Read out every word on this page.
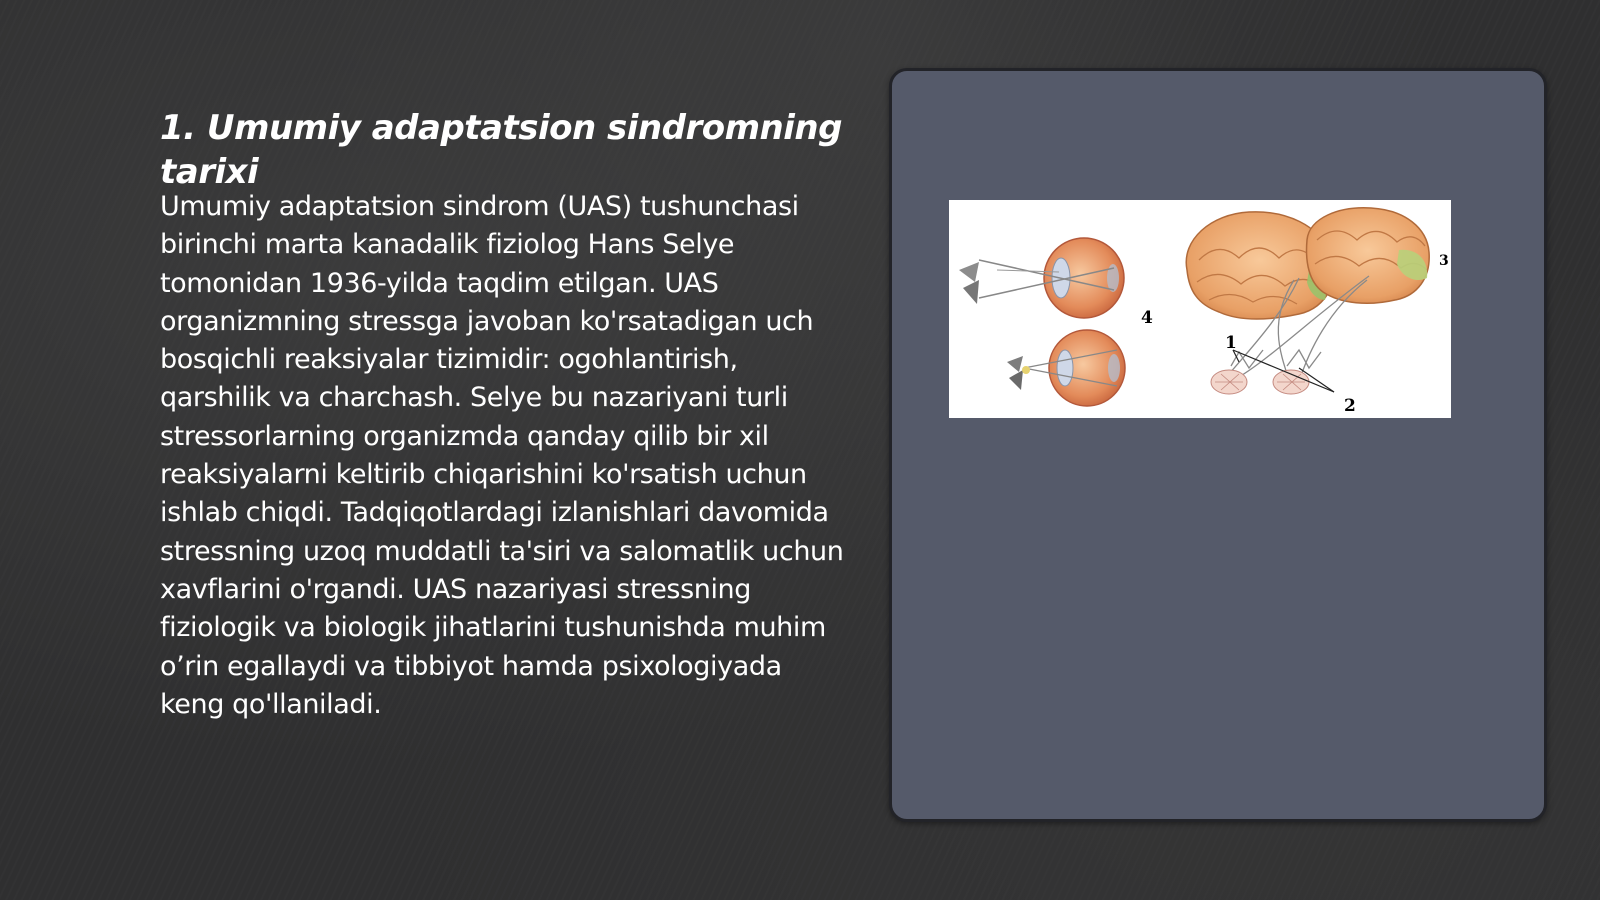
1. Umumiy adaptatsion sindromning tarixi

Umumiy adaptatsion sindrom (UAS) tushunchasi birinchi marta kanadalik fiziolog Hans Selye tomonidan 1936-yilda taqdim etilgan. UAS organizmning stressga javoban ko'rsatadigan uch bosqichli reaksiyalar tizimidir: ogohlantirish, qarshilik va charchash. Selye bu nazariyani turli stressorlarning organizmda qanday qilib bir xil reaksiyalarni keltirib chiqarishini ko'rsatish uchun ishlab chiqdi. Tadqiqotlardagi izlanishlari davomida stressning uzoq muddatli ta'siri va salomatlik uchun xavflarini o'rgandi. UAS nazariyasi stressning fiziologik va biologik jihatlarini tushunishda muhim o’rin egallaydi va tibbiyot hamda psixologiyada keng qo'llaniladi.

4
1
2
3
